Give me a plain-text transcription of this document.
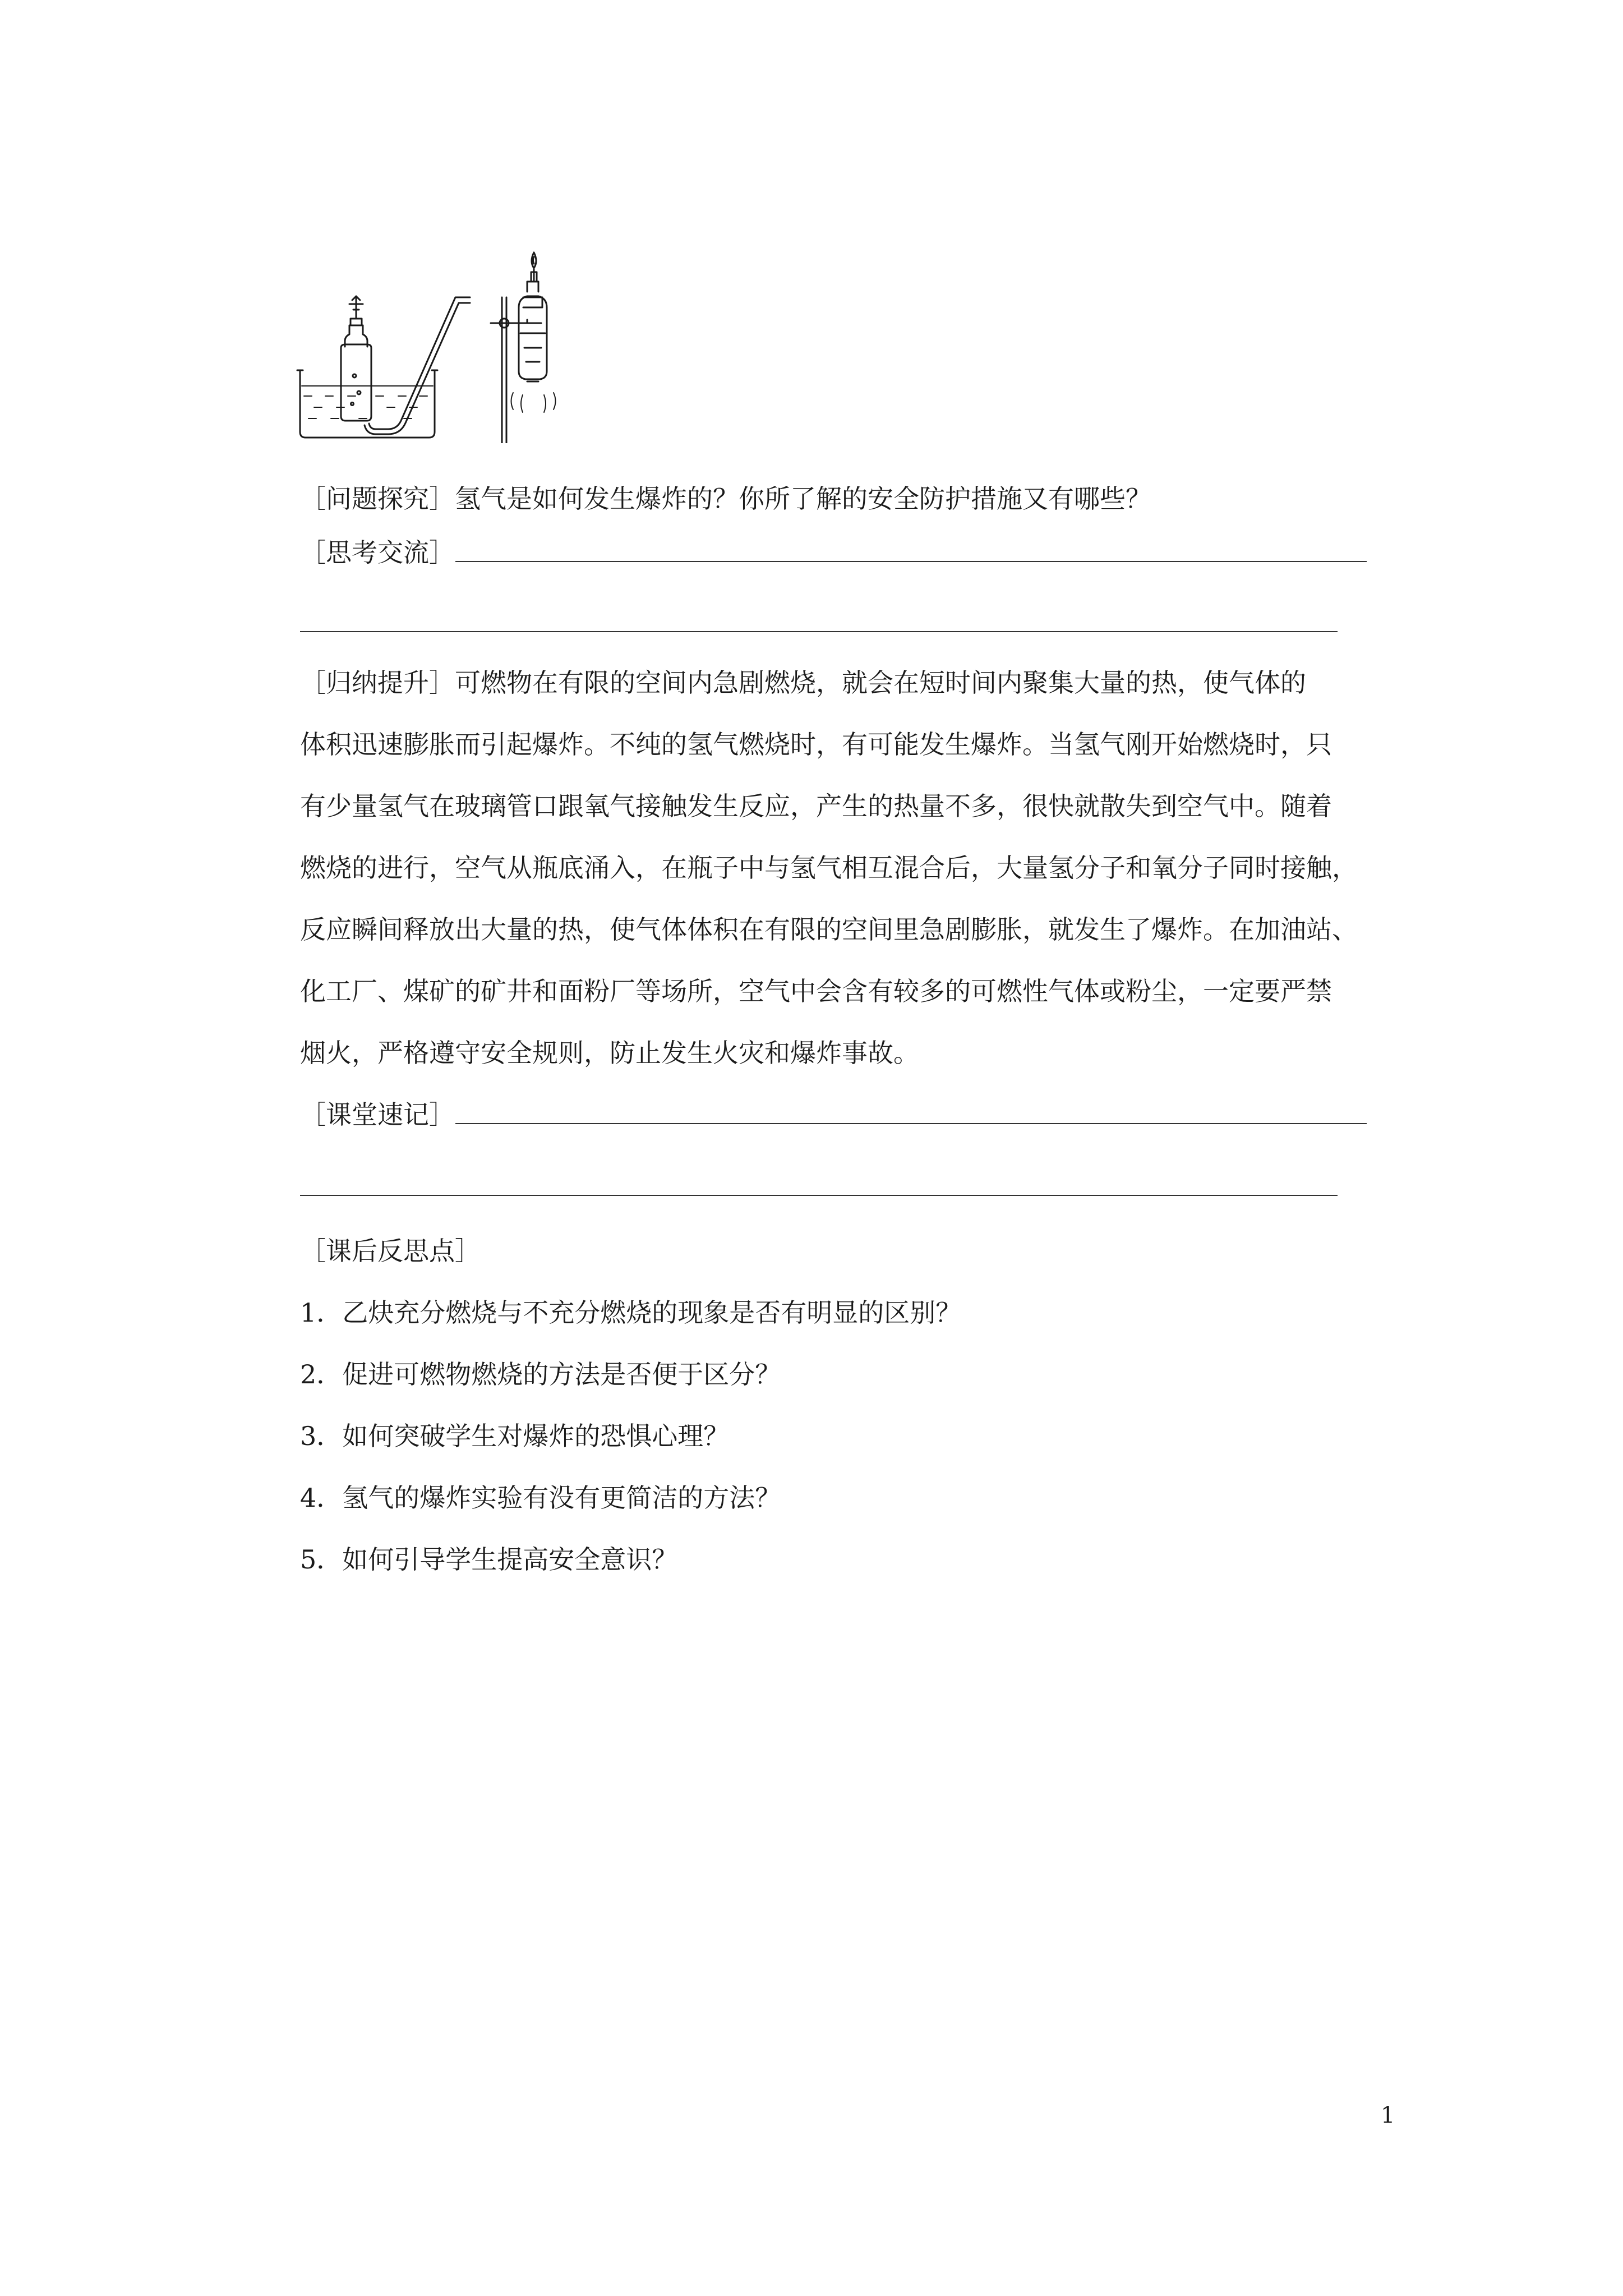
［问题探究］氢气是如何发生爆炸的？你所了解的安全防护措施又有哪些？
［思考交流］
［归纳提升］可燃物在有限的空间内急剧燃烧，就会在短时间内聚集大量的热，使气体的
体积迅速膨胀而引起爆炸。不纯的氢气燃烧时，有可能发生爆炸。当氢气刚开始燃烧时，只
有少量氢气在玻璃管口跟氧气接触发生反应，产生的热量不多，很快就散失到空气中。随着
燃烧的进行，空气从瓶底涌入，在瓶子中与氢气相互混合后，大量氢分子和氧分子同时接触，
反应瞬间释放出大量的热，使气体体积在有限的空间里急剧膨胀，就发生了爆炸。在加油站、
化工厂、煤矿的矿井和面粉厂等场所，空气中会含有较多的可燃性气体或粉尘，一定要严禁
烟火，严格遵守安全规则，防止发生火灾和爆炸事故。
［课堂速记］
［课后反思点］
1．乙炔充分燃烧与不充分燃烧的现象是否有明显的区别？
2．促进可燃物燃烧的方法是否便于区分？
3．如何突破学生对爆炸的恐惧心理？
4．氢气的爆炸实验有没有更简洁的方法？
5．如何引导学生提高安全意识？
1
